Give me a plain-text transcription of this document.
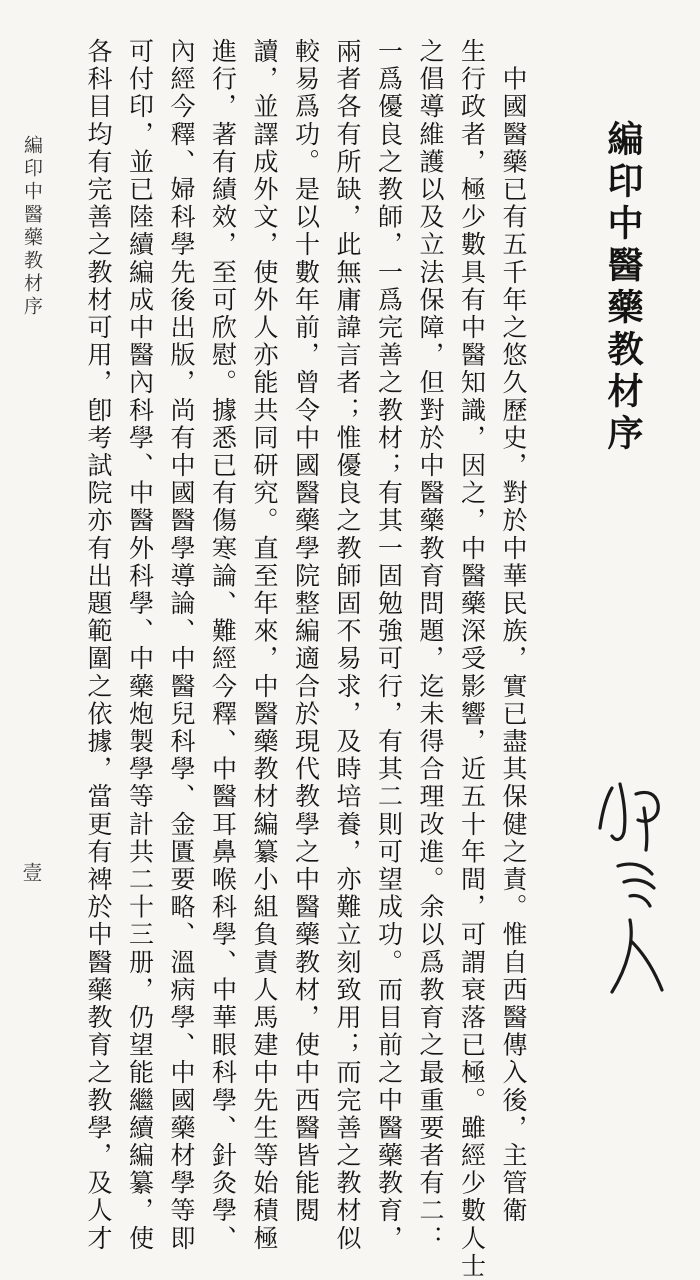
編印中醫藥教材序
　中國醫藥已有五千年之悠久歷史，對於中華民族，實已盡其保健之責。惟自西醫傳入後，主管衛
生行政者，極少數具有中醫知識，因之，中醫藥深受影響，近五十年間，可謂衰落已極。雖經少數人士
之倡導維護以及立法保障，但對於中醫藥教育問題，迄未得合理改進。余以爲教育之最重要者有二：
一爲優良之教師，一爲完善之教材；有其一固勉強可行，有其二則可望成功。而目前之中醫藥教育，
兩者各有所缺，此無庸諱言者；惟優良之教師固不易求，及時培養，亦難立刻致用；而完善之教材似
較易爲功。是以十數年前，曾令中國醫藥學院整編適合於現代教學之中醫藥教材，使中西醫皆能閱
讀，並譯成外文，使外人亦能共同研究。直至年來，中醫藥教材編纂小組負責人馬建中先生等始積極
進行，著有績效，至可欣慰。據悉已有傷寒論、難經今釋、中醫耳鼻喉科學、中華眼科學、針灸學、
內經今釋、婦科學先後出版，尚有中國醫學導論、中醫兒科學、金匱要略、溫病學、中國藥材學等即
可付印，並已陸續編成中醫內科學、中醫外科學、中藥炮製學等計共二十三册，仍望能繼續編纂，使
各科目均有完善之教材可用，卽考試院亦有出題範圍之依據，當更有裨於中醫藥教育之教學，及人才
編印中醫藥教材序
壹
